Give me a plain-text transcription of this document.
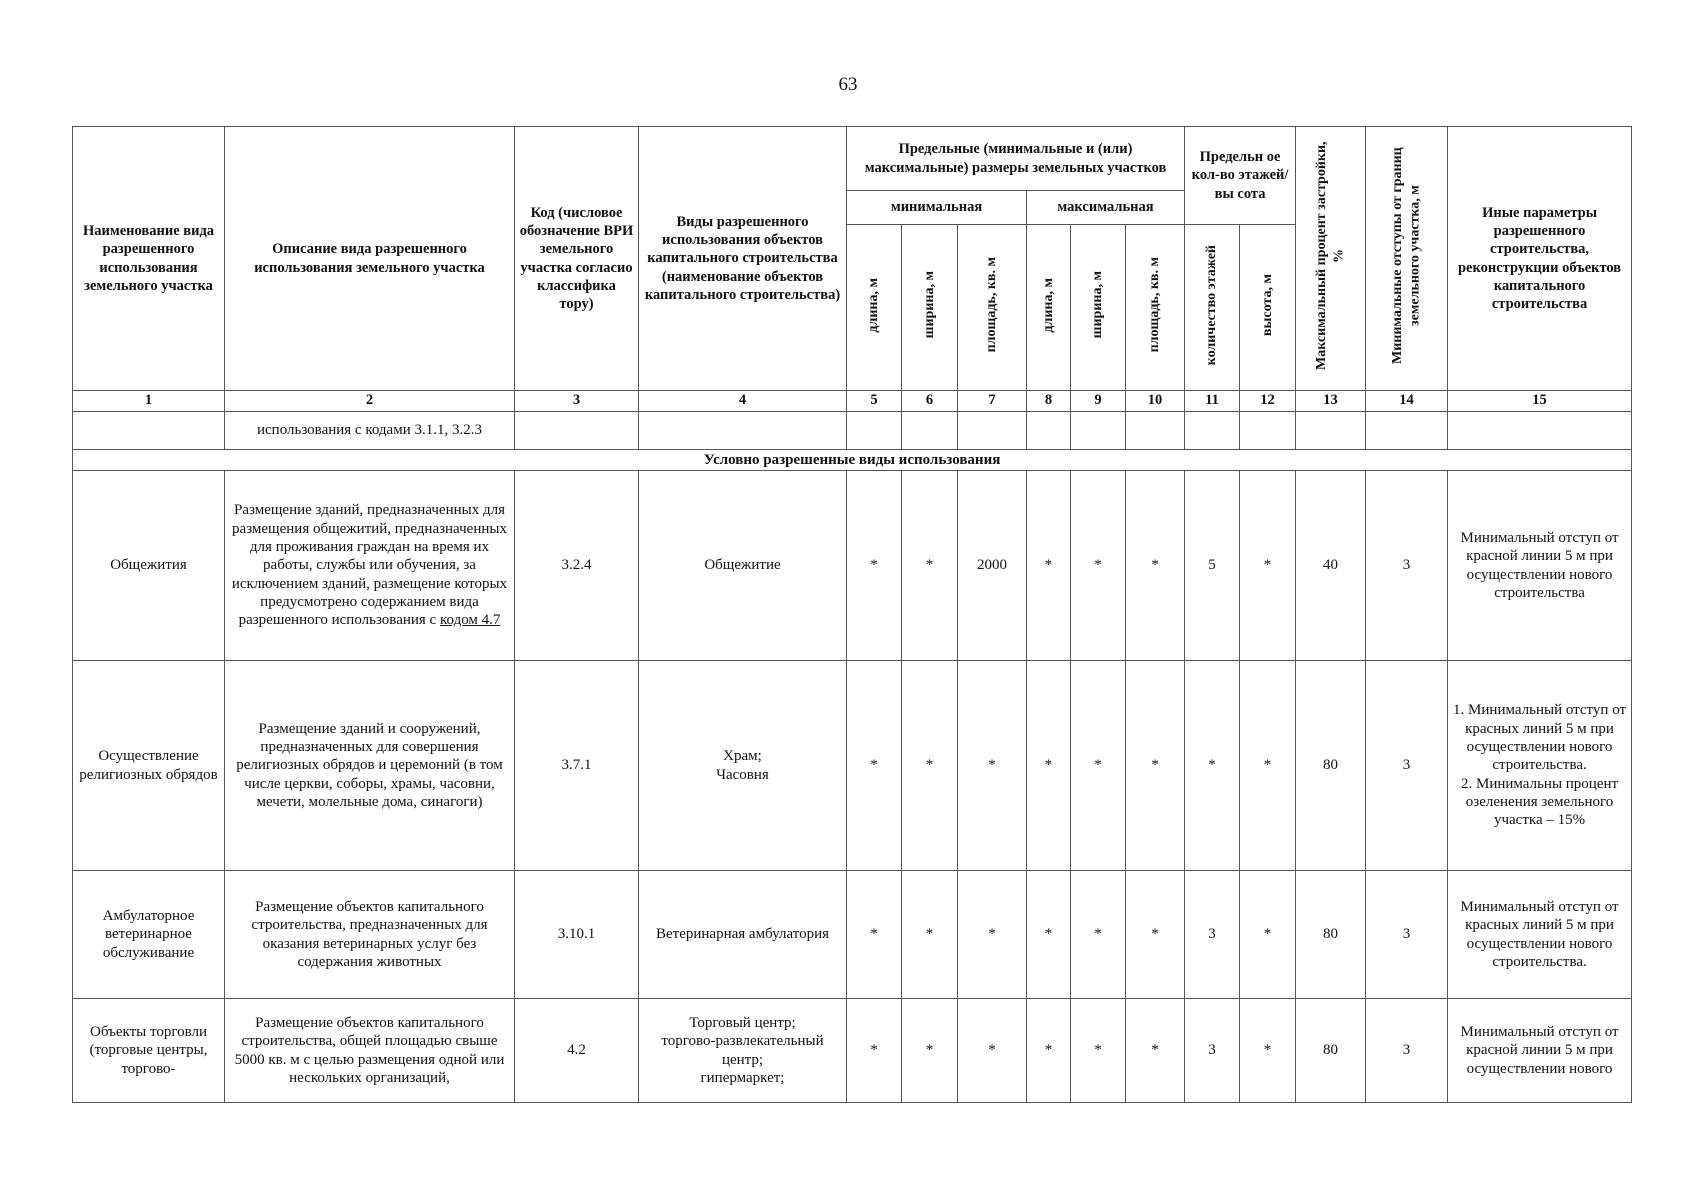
63
Наименование вида разрешенного использования земельного участка	Описание вида разрешенного использования земельного участка	Код (числовое обозначение ВРИ земельного участка согласио классифика тору)	Виды разрешенного использования объектов капитального строительства (наименование объектов капитального строительства)	Предельные (минимальные и (или) максимальные) размеры земельных участков						Предельн ое кол-во этажей/вы сота		Максимальный процент застройки, %	Минимальные отступы от границ земельного участка, м	Иные параметры разрешенного строительства, реконструкции объектов капитального строительства
				минимальная			максимальная							
				длина, м	ширина, м	площадь, кв. м	длина, м	ширина, м	площадь, кв. м	количество этажей	высота, м			
1	2	3	4	5	6	7	8	9	10	11	12	13	14	15
	использования с кодами 3.1.1, 3.2.3													
Условно разрешенные виды использования														
Общежития	Размещение зданий, предназначенных для размещения общежитий, предназначенных для проживания граждан на время их работы, службы или обучения, за исключением зданий, размещение которых предусмотрено содержанием вида разрешенного использования с кодом 4.7	3.2.4	Общежитие	*	*	2000	*	*	*	5	*	40	3	Минимальный отступ от красной линии 5 м при осуществлении нового строительства
Осуществление религиозных обрядов	Размещение зданий и сооружений, предназначенных для совершения религиозных обрядов и церемоний (в том числе церкви, соборы, храмы, часовни, мечети, молельные дома, синагоги)	3.7.1	Храм;
Часовня	*	*	*	*	*	*	*	*	80	3	1. Минимальный отступ от красных линий 5 м при осуществлении нового строительства.
2. Минимальны процент озеленения земельного участка – 15%
Амбулаторное ветеринарное обслуживание	Размещение объектов капитального строительства, предназначенных для оказания ветеринарных услуг без содержания животных	3.10.1	Ветеринарная амбулатория	*	*	*	*	*	*	3	*	80	3	Минимальный отступ от красных линий 5 м при осуществлении нового строительства.
Объекты торговли (торговые центры, торгово-	Размещение объектов капитального строительства, общей площадью свыше 5000 кв. м с целью размещения одной или нескольких организаций,	4.2	Торговый центр;
торгово-развлекательный центр;
гипермаркет;	*	*	*	*	*	*	3	*	80	3	Минимальный отступ от красной линии 5 м при осуществлении нового
